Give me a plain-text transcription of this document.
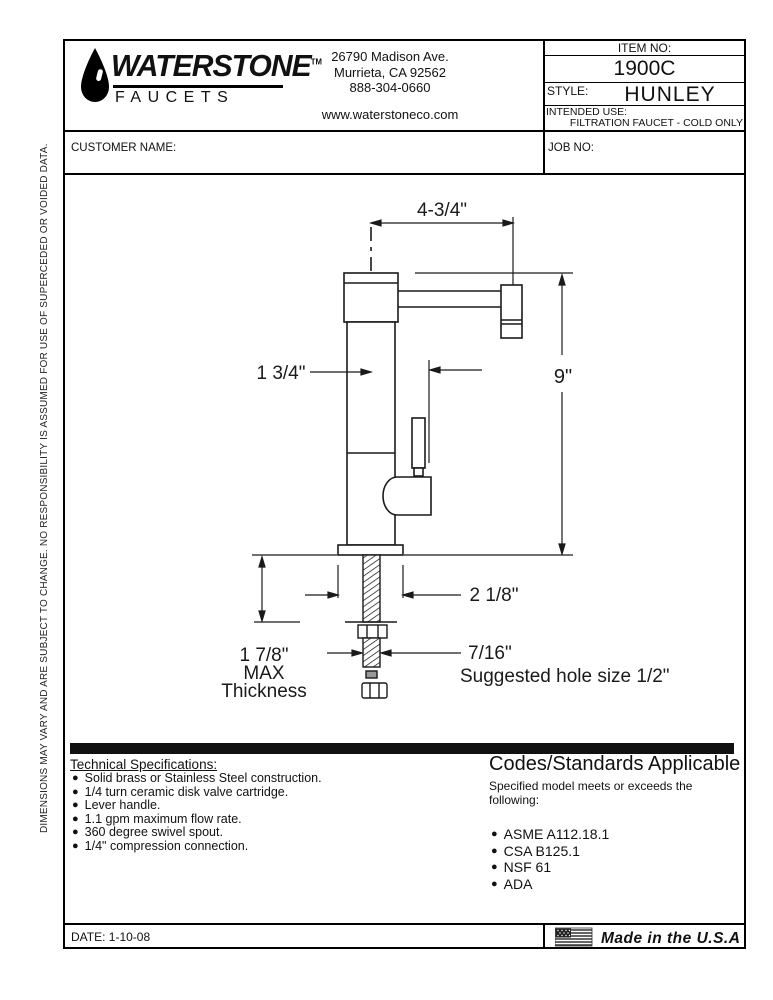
4-3/4"
9"
1 3/4"
2 1/8"
7/16"
Suggested hole size 1/2"
1 7/8"
MAX
Thickness
WATERSTONE™
FAUCETS
26790 Madison Ave.
Murrieta, CA 92562
888-304-0660
www.waterstoneco.com
ITEM NO:
1900C
STYLE:	HUNLEY
INTENDED USE:
FILTRATION FAUCET - COLD ONLY
CUSTOMER NAME:	JOB NO:
DIMENSIONS MAY VARY AND ARE SUBJECT TO CHANGE. NO RESPONSIBILITY IS ASSUMED FOR USE OF SUPERCEDED OR VOIDED DATA. Technical Specifications:
● Solid brass or Stainless Steel construction.
● 1/4 turn ceramic disk valve cartridge.
● Lever handle.
● 1.1 gpm maximum flow rate.
● 360 degree swivel spout.
● 1/4" compression connection.
Codes/Standards Applicable
Specified model meets or exceeds the following:
● ASME A112.18.1
● CSA B125.1
● NSF 61
● ADA
DATE: 1-10-08	Made in the U.S.A
